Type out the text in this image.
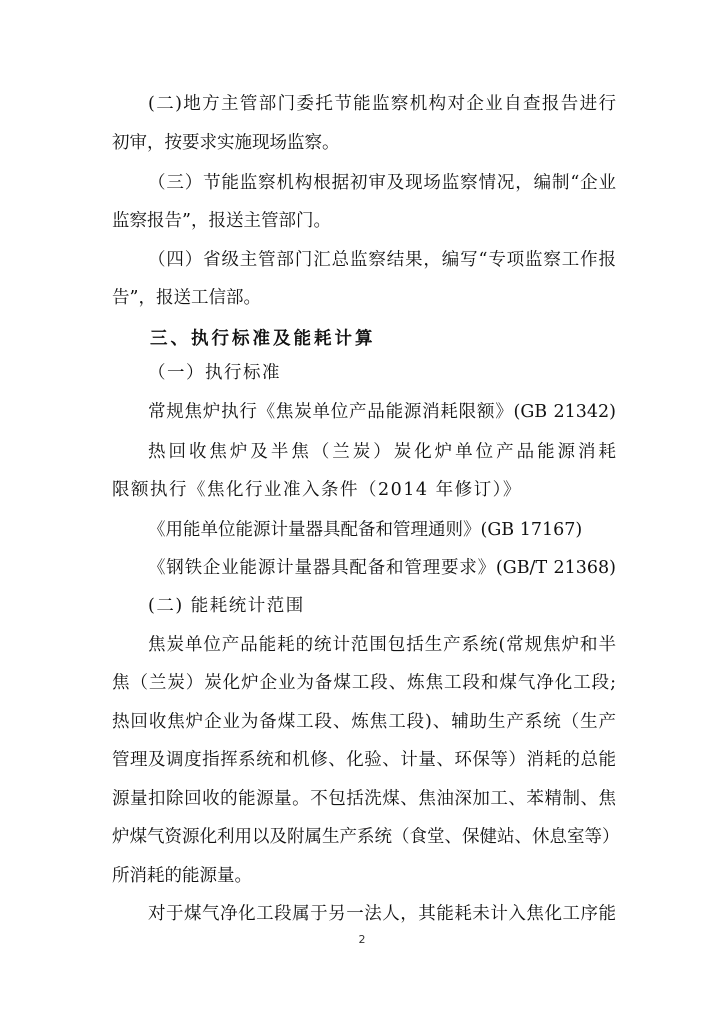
(二)地方主管部门委托节能监察机构对企业自查报告进行
初审，按要求实施现场监察。
（三）节能监察机构根据初审及现场监察情况，编制“企业
监察报告”，报送主管部门。
（四）省级主管部门汇总监察结果，编写“专项监察工作报
告”，报送工信部。
三、执行标准及能耗计算
（一）执行标准
常规焦炉执行《焦炭单位产品能源消耗限额》(GB 21342)
热回收焦炉及半焦（兰炭）炭化炉单位产品能源消耗
限额执行《焦化行业准入条件（2014 年修订）》
《用能单位能源计量器具配备和管理通则》(GB 17167)
《钢铁企业能源计量器具配备和管理要求》(GB/T 21368)
(二) 能耗统计范围
焦炭单位产品能耗的统计范围包括生产系统(常规焦炉和半
焦（兰炭）炭化炉企业为备煤工段、炼焦工段和煤气净化工段;
热回收焦炉企业为备煤工段、炼焦工段)、辅助生产系统（生产
管理及调度指挥系统和机修、化验、计量、环保等）消耗的总能
源量扣除回收的能源量。不包括洗煤、焦油深加工、苯精制、焦
炉煤气资源化利用以及附属生产系统（食堂、保健站、休息室等）
所消耗的能源量。
对于煤气净化工段属于另一法人，其能耗未计入焦化工序能
2
